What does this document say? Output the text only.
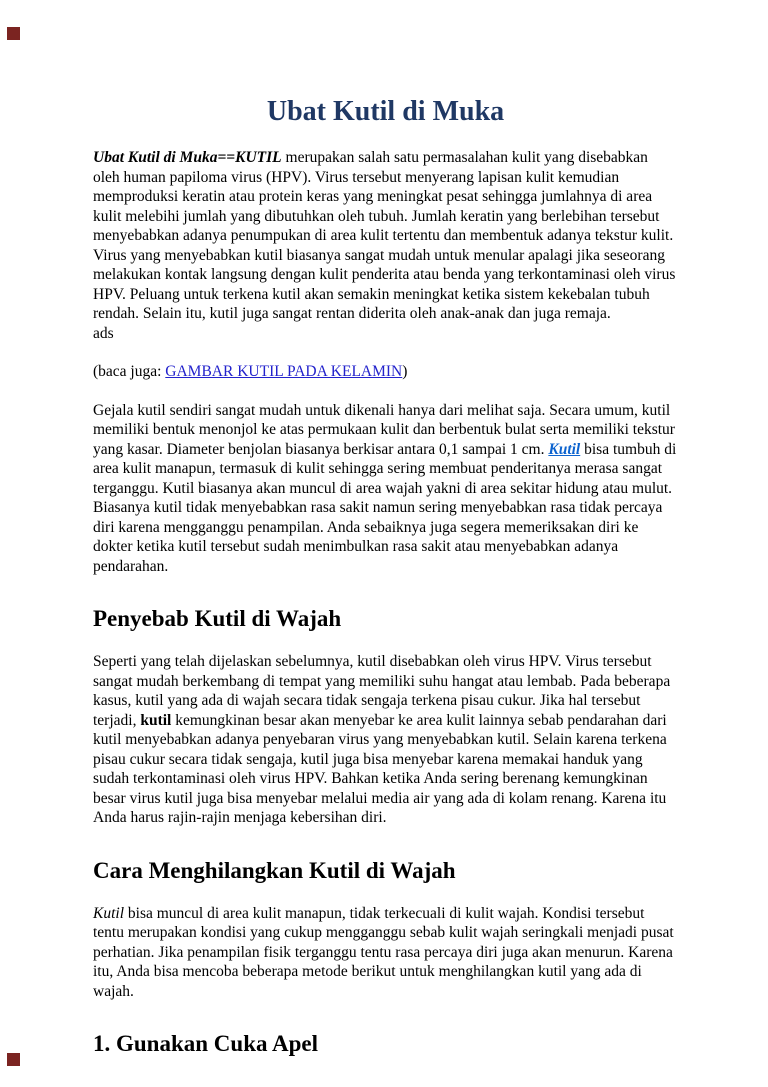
Ubat Kutil di Muka

Ubat Kutil di Muka==KUTIL merupakan salah satu permasalahan kulit yang disebabkan oleh human papiloma virus (HPV). Virus tersebut menyerang lapisan kulit kemudian memproduksi keratin atau protein keras yang meningkat pesat sehingga jumlahnya di area kulit melebihi jumlah yang dibutuhkan oleh tubuh. Jumlah keratin yang berlebihan tersebut menyebabkan adanya penumpukan di area kulit tertentu dan membentuk adanya tekstur kulit. Virus yang menyebabkan kutil biasanya sangat mudah untuk menular apalagi jika seseorang melakukan kontak langsung dengan kulit penderita atau benda yang terkontaminasi oleh virus HPV. Peluang untuk terkena kutil akan semakin meningkat ketika sistem kekebalan tubuh rendah. Selain itu, kutil juga sangat rentan diderita oleh anak-anak dan juga remaja.

ads

(baca juga: GAMBAR KUTIL PADA KELAMIN)

Gejala kutil sendiri sangat mudah untuk dikenali hanya dari melihat saja. Secara umum, kutil memiliki bentuk menonjol ke atas permukaan kulit dan berbentuk bulat serta memiliki tekstur yang kasar. Diameter benjolan biasanya berkisar antara 0,1 sampai 1 cm. Kutil bisa tumbuh di area kulit manapun, termasuk di kulit sehingga sering membuat penderitanya merasa sangat terganggu. Kutil biasanya akan muncul di area wajah yakni di area sekitar hidung atau mulut. Biasanya kutil tidak menyebabkan rasa sakit namun sering menyebabkan rasa tidak percaya diri karena mengganggu penampilan. Anda sebaiknya juga segera memeriksakan diri ke dokter ketika kutil tersebut sudah menimbulkan rasa sakit atau menyebabkan adanya pendarahan.

Penyebab Kutil di Wajah

Seperti yang telah dijelaskan sebelumnya, kutil disebabkan oleh virus HPV. Virus tersebut sangat mudah berkembang di tempat yang memiliki suhu hangat atau lembab. Pada beberapa kasus, kutil yang ada di wajah secara tidak sengaja terkena pisau cukur. Jika hal tersebut terjadi, kutil kemungkinan besar akan menyebar ke area kulit lainnya sebab pendarahan dari kutil menyebabkan adanya penyebaran virus yang menyebabkan kutil. Selain karena terkena pisau cukur secara tidak sengaja, kutil juga bisa menyebar karena memakai handuk yang sudah terkontaminasi oleh virus HPV. Bahkan ketika Anda sering berenang kemungkinan besar virus kutil juga bisa menyebar melalui media air yang ada di kolam renang. Karena itu Anda harus rajin-rajin menjaga kebersihan diri.

Cara Menghilangkan Kutil di Wajah

Kutil bisa muncul di area kulit manapun, tidak terkecuali di kulit wajah. Kondisi tersebut tentu merupakan kondisi yang cukup mengganggu sebab kulit wajah seringkali menjadi pusat perhatian. Jika penampilan fisik terganggu tentu rasa percaya diri juga akan menurun. Karena itu, Anda bisa mencoba beberapa metode berikut untuk menghilangkan kutil yang ada di wajah.

1. Gunakan Cuka Apel
